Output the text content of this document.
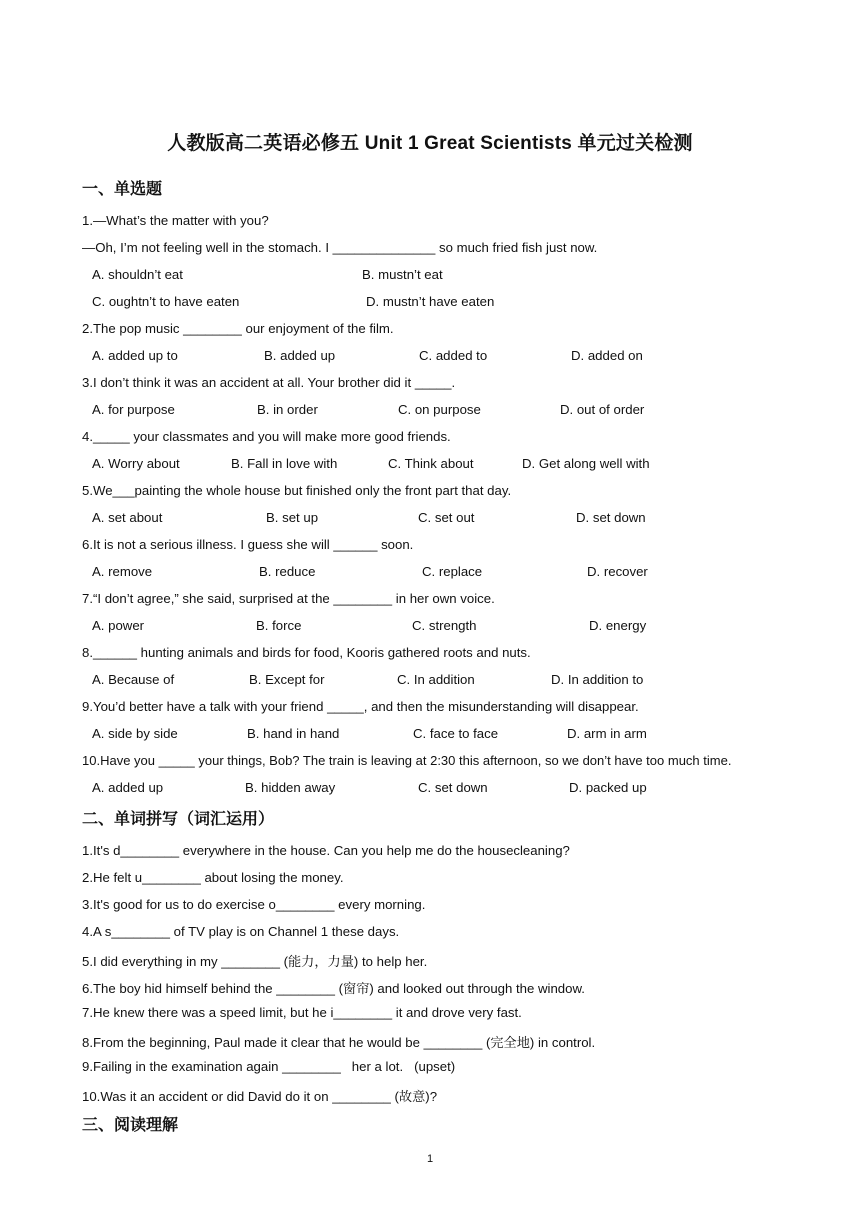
人教版高二英语必修五 Unit 1 Great Scientists 单元过关检测
一、单选题
1.—What’s the matter with you?
—Oh, I’m not feeling well in the stomach. I ______________ so much fried fish just now.
A. shouldn’t eat	B. mustn’t eat
C. oughtn’t to have eaten	D. mustn’t have eaten
2.The pop music ________ our enjoyment of the film.
A. added up to	B. added up	C. added to	D. added on
3.I don’t think it was an accident at all. Your brother did it _____.
A. for purpose	B. in order	C. on purpose	D. out of order
4._____ your classmates and you will make more good friends.
A. Worry about	B. Fall in love with	C. Think about	D. Get along well with
5.We___painting the whole house but finished only the front part that day.
A. set about	B. set up	C. set out	D. set down
6.It is not a serious illness. I guess she will ______ soon.
A. remove	B. reduce	C. replace	D. recover
7.“I don’t agree,” she said, surprised at the ________ in her own voice.
A. power	B. force	C. strength	D. energy
8.______ hunting animals and birds for food, Kooris gathered roots and nuts.
A. Because of	B. Except for	C. In addition	D. In addition to
9.You’d better have a talk with your friend _____, and then the misunderstanding will disappear.
A. side by side	B. hand in hand	C. face to face	D. arm in arm
10.Have you _____ your things, Bob? The train is leaving at 2:30 this afternoon, so we don’t have too much time.
A. added up	B. hidden away	C. set down	D. packed up
二、单词拼写（词汇运用）
1.It's d________ everywhere in the house. Can you help me do the housecleaning?
2.He felt u________ about losing the money.
3.It's good for us to do exercise o________ every morning.
4.A s________ of TV play is on Channel 1 these days.
5.I did everything in my ________ (能力，力量) to help her.
6.The boy hid himself behind the ________ (窗帘) and looked out through the window.
7.He knew there was a speed limit, but he i________ it and drove very fast.
8.From the beginning, Paul made it clear that he would be ________ (完全地) in control.
9.Failing in the examination again ________   her a lot.   (upset)
10.Was it an accident or did David do it on ________ (故意)?
三、阅读理解
1
